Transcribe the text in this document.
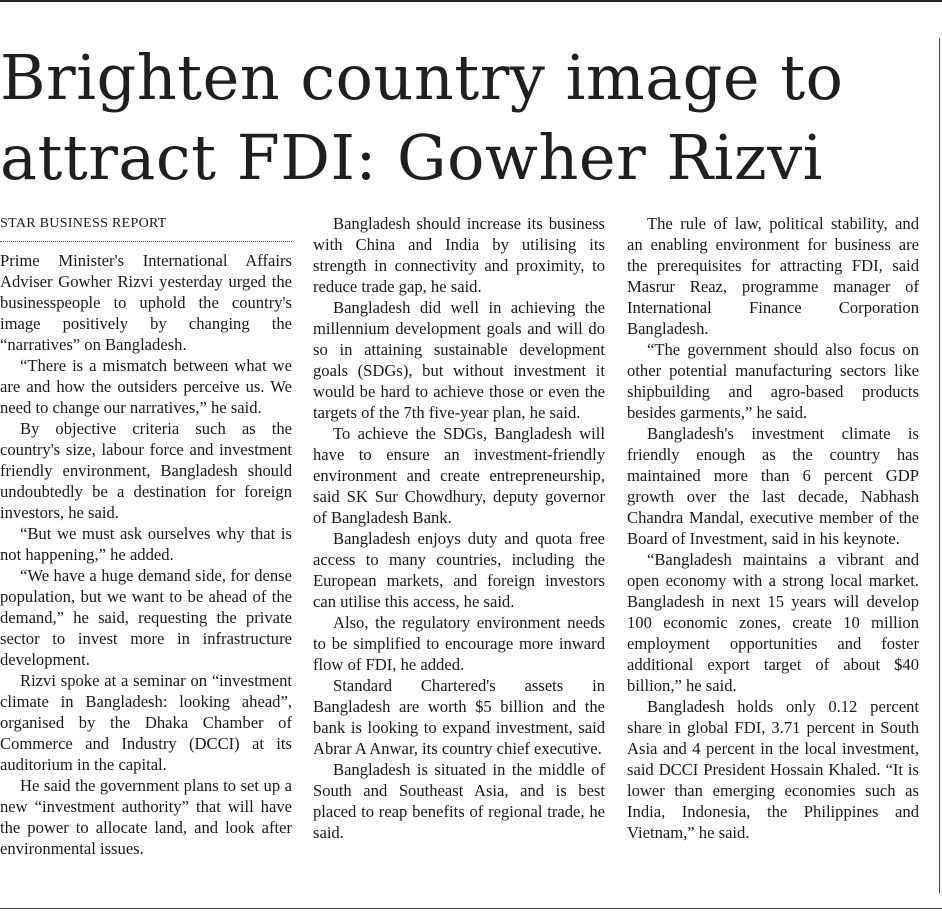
Brighten country image to
attract FDI: Gowher Rizvi
STAR BUSINESS REPORT

Prime Minister's International Affairs Adviser Gowher Rizvi yesterday urged the businesspeople to uphold the country's image positively by changing the “narratives” on Bangladesh.

“There is a mismatch between what we are and how the outsiders perceive us. We need to change our narratives,” he said.

By objective criteria such as the country's size, labour force and investment friendly environment, Bangladesh should undoubtedly be a destination for foreign investors, he said.

“But we must ask ourselves why that is not happening,” he added.

“We have a huge demand side, for dense population, but we want to be ahead of the demand,” he said, requesting the private sector to invest more in infrastructure development.

Rizvi spoke at a seminar on “investment climate in Bangladesh: looking ahead”, organised by the Dhaka Chamber of Commerce and Industry (DCCI) at its auditorium in the capital.

He said the government plans to set up a new “investment authority” that will have the power to allocate land, and look after environmental issues.

Bangladesh should increase its business with China and India by utilising its strength in connectivity and proximity, to reduce trade gap, he said.

Bangladesh did well in achieving the millennium development goals and will do so in attaining sustainable development goals (SDGs), but without investment it would be hard to achieve those or even the targets of the 7th five-year plan, he said.

To achieve the SDGs, Bangladesh will have to ensure an investment-friendly environment and create entrepreneurship, said SK Sur Chowdhury, deputy governor of Bangladesh Bank.

Bangladesh enjoys duty and quota free access to many countries, including the European markets, and foreign investors can utilise this access, he said.

Also, the regulatory environment needs to be simplified to encourage more inward flow of FDI, he added.

Standard Chartered's assets in Bangladesh are worth $5 billion and the bank is looking to expand investment, said Abrar A Anwar, its country chief executive.

Bangladesh is situated in the middle of South and Southeast Asia, and is best placed to reap benefits of regional trade, he said.

The rule of law, political stability, and an enabling environment for business are the prerequisites for attracting FDI, said Masrur Reaz, programme manager of International Finance Corporation Bangladesh.

“The government should also focus on other potential manufacturing sectors like shipbuilding and agro-based products besides garments,” he said.

Bangladesh's investment climate is friendly enough as the country has maintained more than 6 percent GDP growth over the last decade, Nabhash Chandra Mandal, executive member of the Board of Investment, said in his keynote.

“Bangladesh maintains a vibrant and open economy with a strong local market. Bangladesh in next 15 years will develop 100 economic zones, create 10 million employment opportunities and foster additional export target of about $40 billion,” he said.

Bangladesh holds only 0.12 percent share in global FDI, 3.71 percent in South Asia and 4 percent in the local investment, said DCCI President Hossain Khaled. “It is lower than emerging economies such as India, Indonesia, the Philippines and Vietnam,” he said.
